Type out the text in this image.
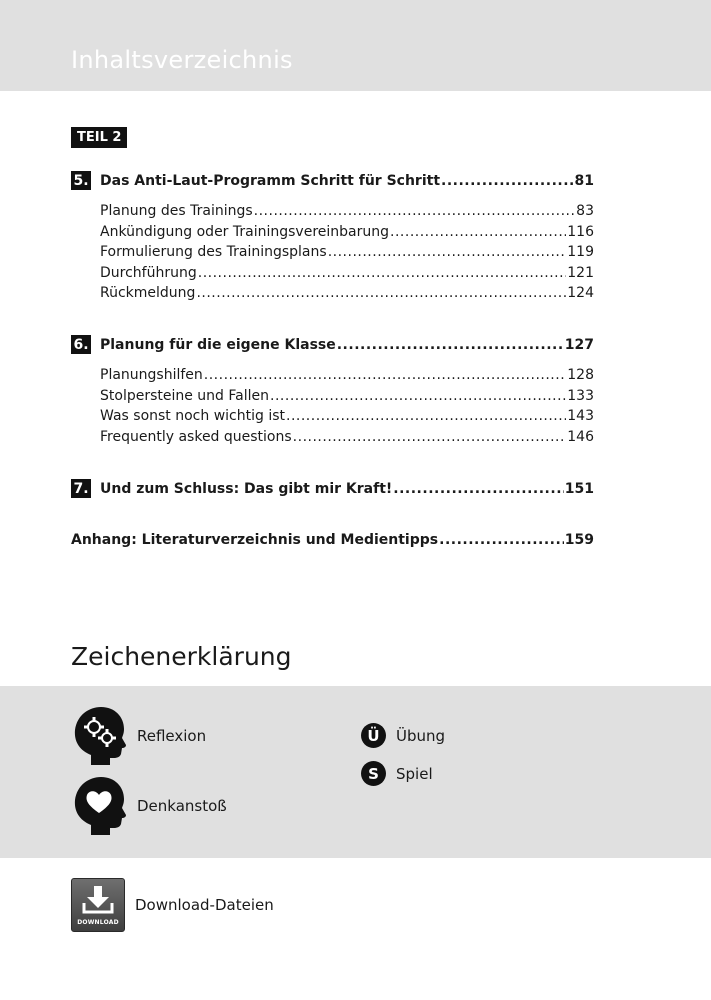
Inhaltsverzeichnis
TEIL 2
5. Das Anti-Laut-Programm Schritt für Schritt .....	81
Planung des Trainings .....	83
Ankündigung oder Trainingsvereinbarung .....	116
Formulierung des Trainingsplans .....	119
Durchführung .....	121
Rückmeldung .....	124
6. Planung für die eigene Klasse .....	127
Planungshilfen .....	128
Stolpersteine und Fallen .....	133
Was sonst noch wichtig ist .....	143
Frequently asked questions .....	146
7. Und zum Schluss: Das gibt mir Kraft! .....	151
Anhang: Literaturverzeichnis und Medientipps .....	159
Zeichenerklärung
Reflexion
Denkanstoß
Ü	Übung
S	Spiel
DOWNLOAD
Download-Dateien
